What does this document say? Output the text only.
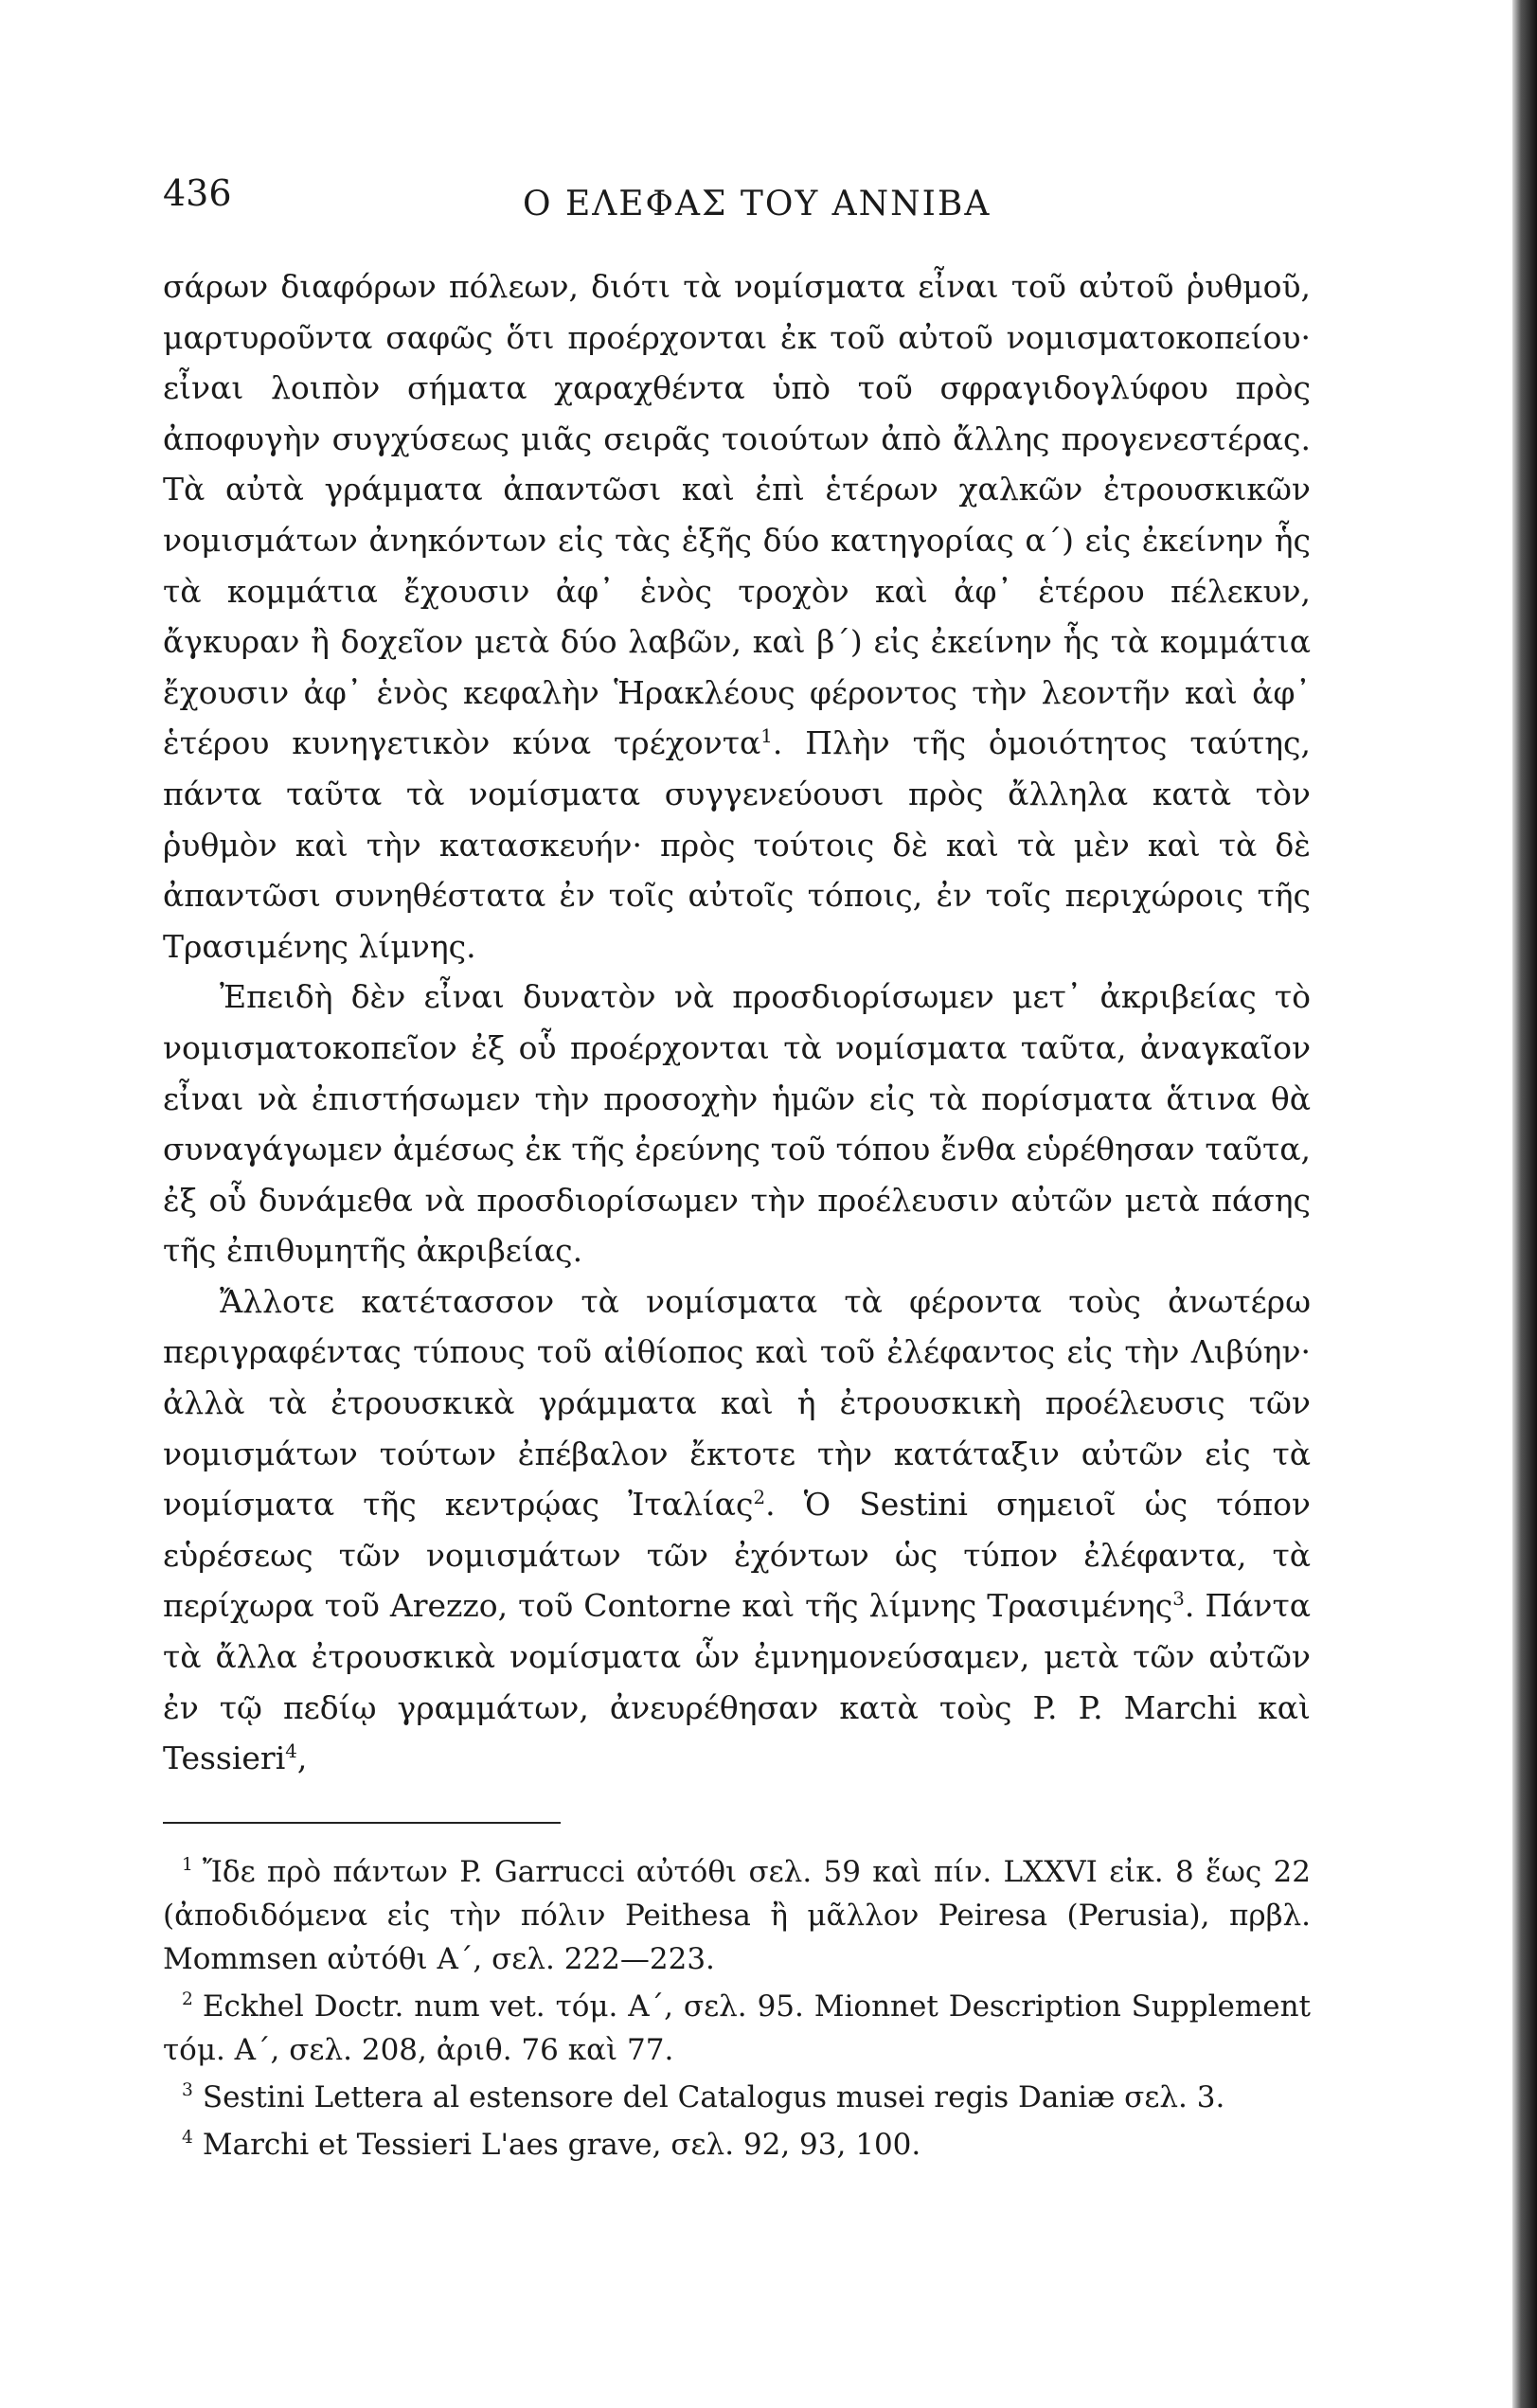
436	Ο ΕΛΕΦΑΣ ΤΟΥ ΑΝΝΙΒΑ

σάρων διαφόρων πόλεων, διότι τὰ νομίσματα εἶναι τοῦ αὐτοῦ ῥυθμοῦ, μαρτυροῦντα σαφῶς ὅτι προέρχονται ἐκ τοῦ αὐτοῦ νομισματοκοπείου· εἶναι λοιπὸν σήματα χαραχθέντα ὑπὸ τοῦ σφραγιδογλύφου πρὸς ἀποφυγὴν συγχύσεως μιᾶς σειρᾶς τοιούτων ἀπὸ ἄλλης προγενεστέρας. Τὰ αὐτὰ γράμματα ἀπαντῶσι καὶ ἐπὶ ἑτέρων χαλκῶν ἐτρουσκικῶν νομισμάτων ἀνηκόντων εἰς τὰς ἑξῆς δύο κατηγορίας α΄) εἰς ἐκείνην ἧς τὰ κομμάτια ἔχουσιν ἀφ᾽ ἑνὸς τροχὸν καὶ ἀφ᾽ ἑτέρου πέλεκυν, ἄγκυραν ἢ δοχεῖον μετὰ δύο λαβῶν, καὶ β΄) εἰς ἐκείνην ἧς τὰ κομμάτια ἔχουσιν ἀφ᾽ ἑνὸς κεφαλὴν Ἡρακλέους φέροντος τὴν λεοντῆν καὶ ἀφ᾽ ἑτέρου κυνηγετικὸν κύνα τρέχοντα$^1$. Πλὴν τῆς ὁμοιότητος ταύτης, πάντα ταῦτα τὰ νομίσματα συγγενεύουσι πρὸς ἄλληλα κατὰ τὸν ῥυθμὸν καὶ τὴν κατασκευήν· πρὸς τούτοις δὲ καὶ τὰ μὲν καὶ τὰ δὲ ἀπαντῶσι συνηθέστατα ἐν τοῖς αὐτοῖς τόποις, ἐν τοῖς περιχώροις τῆς Τρασιμένης λίμνης.

Ἐπειδὴ δὲν εἶναι δυνατὸν νὰ προσδιορίσωμεν μετ᾽ ἀκριβείας τὸ νομισματοκοπεῖον ἐξ οὗ προέρχονται τὰ νομίσματα ταῦτα, ἀναγκαῖον εἶναι νὰ ἐπιστήσωμεν τὴν προσοχὴν ἡμῶν εἰς τὰ πορίσματα ἅτινα θὰ συναγάγωμεν ἀμέσως ἐκ τῆς ἐρεύνης τοῦ τόπου ἔνθα εὑρέθησαν ταῦτα, ἐξ οὗ δυνάμεθα νὰ προσδιορίσωμεν τὴν προέλευσιν αὐτῶν μετὰ πάσης τῆς ἐπιθυμητῆς ἀκριβείας.

Ἄλλοτε κατέτασσον τὰ νομίσματα τὰ φέροντα τοὺς ἀνωτέρω περιγραφέντας τύπους τοῦ αἰθίοπος καὶ τοῦ ἐλέφαντος εἰς τὴν Λιβύην· ἀλλὰ τὰ ἐτρουσκικὰ γράμματα καὶ ἡ ἐτρουσκικὴ προέλευσις τῶν νομισμάτων τούτων ἐπέβαλον ἔκτοτε τὴν κατάταξιν αὐτῶν εἰς τὰ νομίσματα τῆς κεντρῴας Ἰταλίας$^2$. Ὁ Sestini σημειοῖ ὡς τόπον εὑρέσεως τῶν νομισμάτων τῶν ἐχόντων ὡς τύπον ἐλέφαντα, τὰ περίχωρα τοῦ Arezzo, τοῦ Contorne καὶ τῆς λίμνης Τρασιμένης$^3$. Πάντα τὰ ἄλλα ἐτρουσκικὰ νομίσματα ὧν ἐμνημονεύσαμεν, μετὰ τῶν αὐτῶν ἐν τῷ πεδίῳ γραμμάτων, ἀνευρέθησαν κατὰ τοὺς P. P. Marchi καὶ Tessieri$^4$,

$^1$ Ἴδε πρὸ πάντων P. Garrucci αὐτόθι σελ. 59 καὶ πίν. LXXVI εἰκ. 8 ἕως 22 (ἀποδιδόμενα εἰς τὴν πόλιν Peithesa ἢ μᾶλλον Peiresa (Perusia), πρβλ. Mommsen αὐτόθι Α΄, σελ. 222—223.

$^2$ Eckhel Doctr. num vet. τόμ. Α΄, σελ. 95. Mionnet Description Supplement τόμ. Α΄, σελ. 208, ἀριθ. 76 καὶ 77.

$^3$ Sestini Lettera al estensore del Catalogus musei regis Daniæ σελ. 3.

$^4$ Marchi et Tessieri L'aes grave, σελ. 92, 93, 100.
